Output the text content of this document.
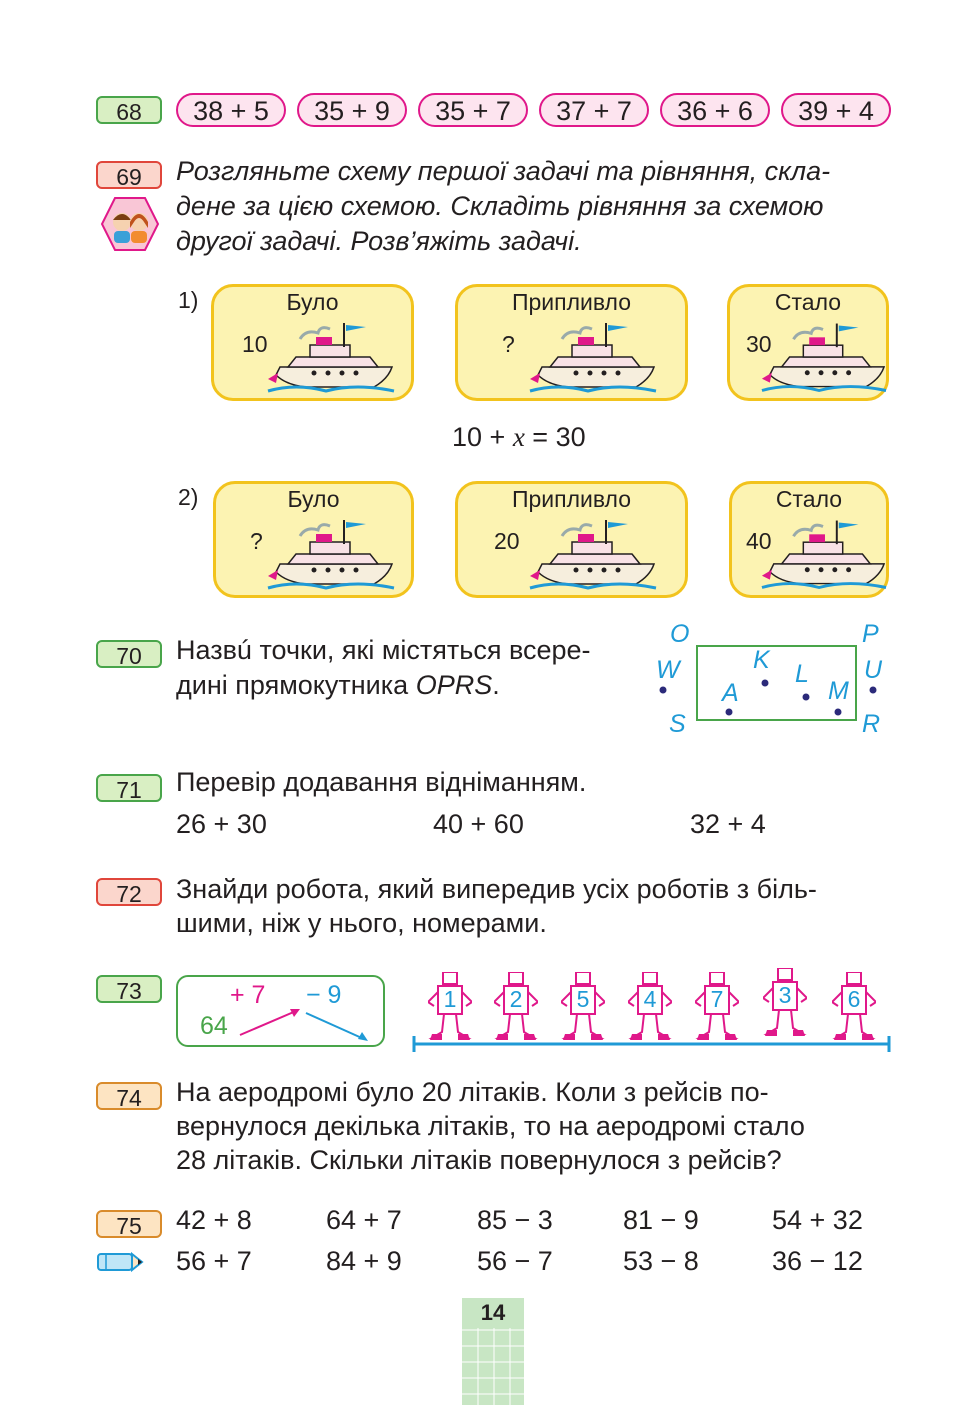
68	38 + 5	35 + 9	35 + 7	37 + 7	36 + 6	39 + 4
69	Розгляньте схему першої задачі та рівняння, скла-

дене за цією схемою. Складіть рівняння за схемою

другої задачі. Розв’яжіть задачі.

1)	Було
10
Припливло
?
Стало
30
10 + x = 30
2)	Було
?
Припливло
20
Стало
40
70	Назвú точки, які містяться всере-

дині прямокутника OPRS.

O	P
W	K L U
A	M
S	R
71	Перевір додавання відніманням.

26 + 30	40 + 60	32 + 4
72	Знайди робота, який випередив усіх роботів з біль-

шими, ніж у нього, номерами.

73
64
+ 7 − 9	1 2 5 4 7 3 6
74	На аеродромі було 20 літаків. Коли з рейсів по-

вернулося декілька літаків, то на аеродромі стало

28 літаків. Скільки літаків повернулося з рейсів?

75	42 + 8	64 + 7	85 − 3	81 − 9	54 + 32
56 + 7	84 + 9	56 − 7	53 − 8	36 − 12
14
